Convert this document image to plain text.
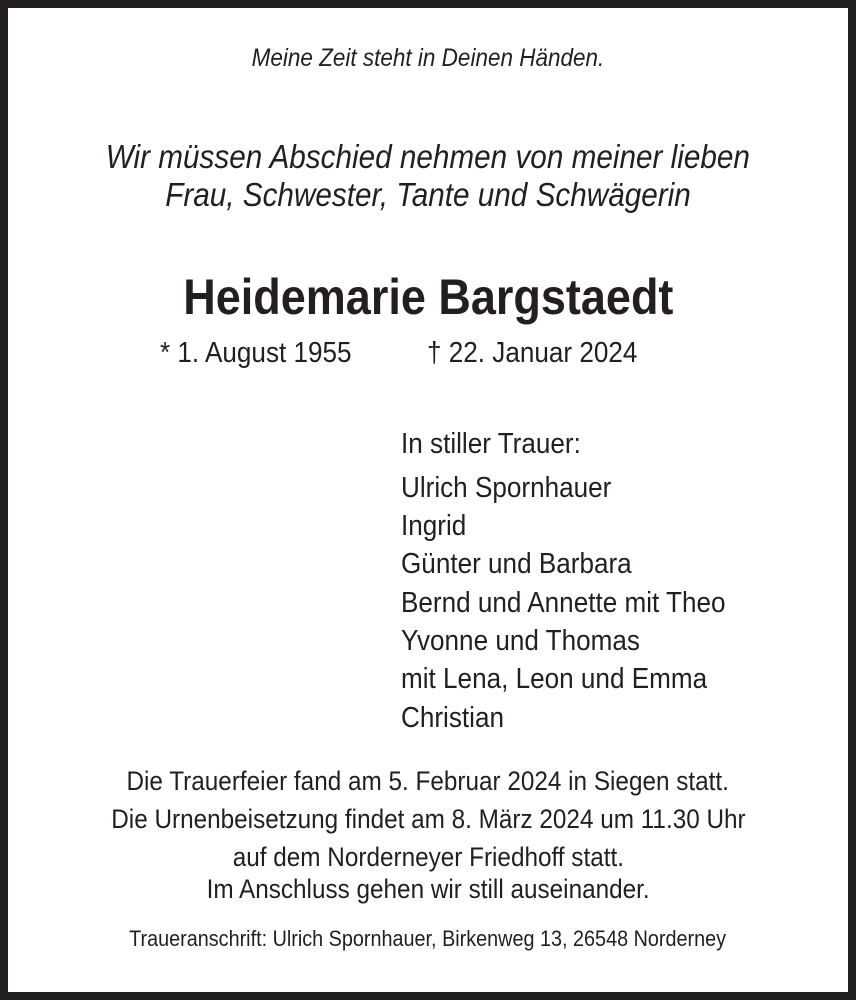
Meine Zeit steht in Deinen Händen.
Wir müssen Abschied nehmen von meiner lieben
Frau, Schwester, Tante und Schwägerin
Heidemarie Bargstaedt
* 1. August 1955	† 22. Januar 2024
In stiller Trauer:
Ulrich Spornhauer
Ingrid
Günter und Barbara
Bernd und Annette mit Theo
Yvonne und Thomas
mit Lena, Leon und Emma
Christian
Die Trauerfeier fand am 5. Februar 2024 in Siegen statt.
Die Urnenbeisetzung findet am 8. März 2024 um 11.30 Uhr
auf dem Norderneyer Friedhoff statt.
Im Anschluss gehen wir still auseinander.
Traueranschrift: Ulrich Spornhauer, Birkenweg 13, 26548 Norderney
